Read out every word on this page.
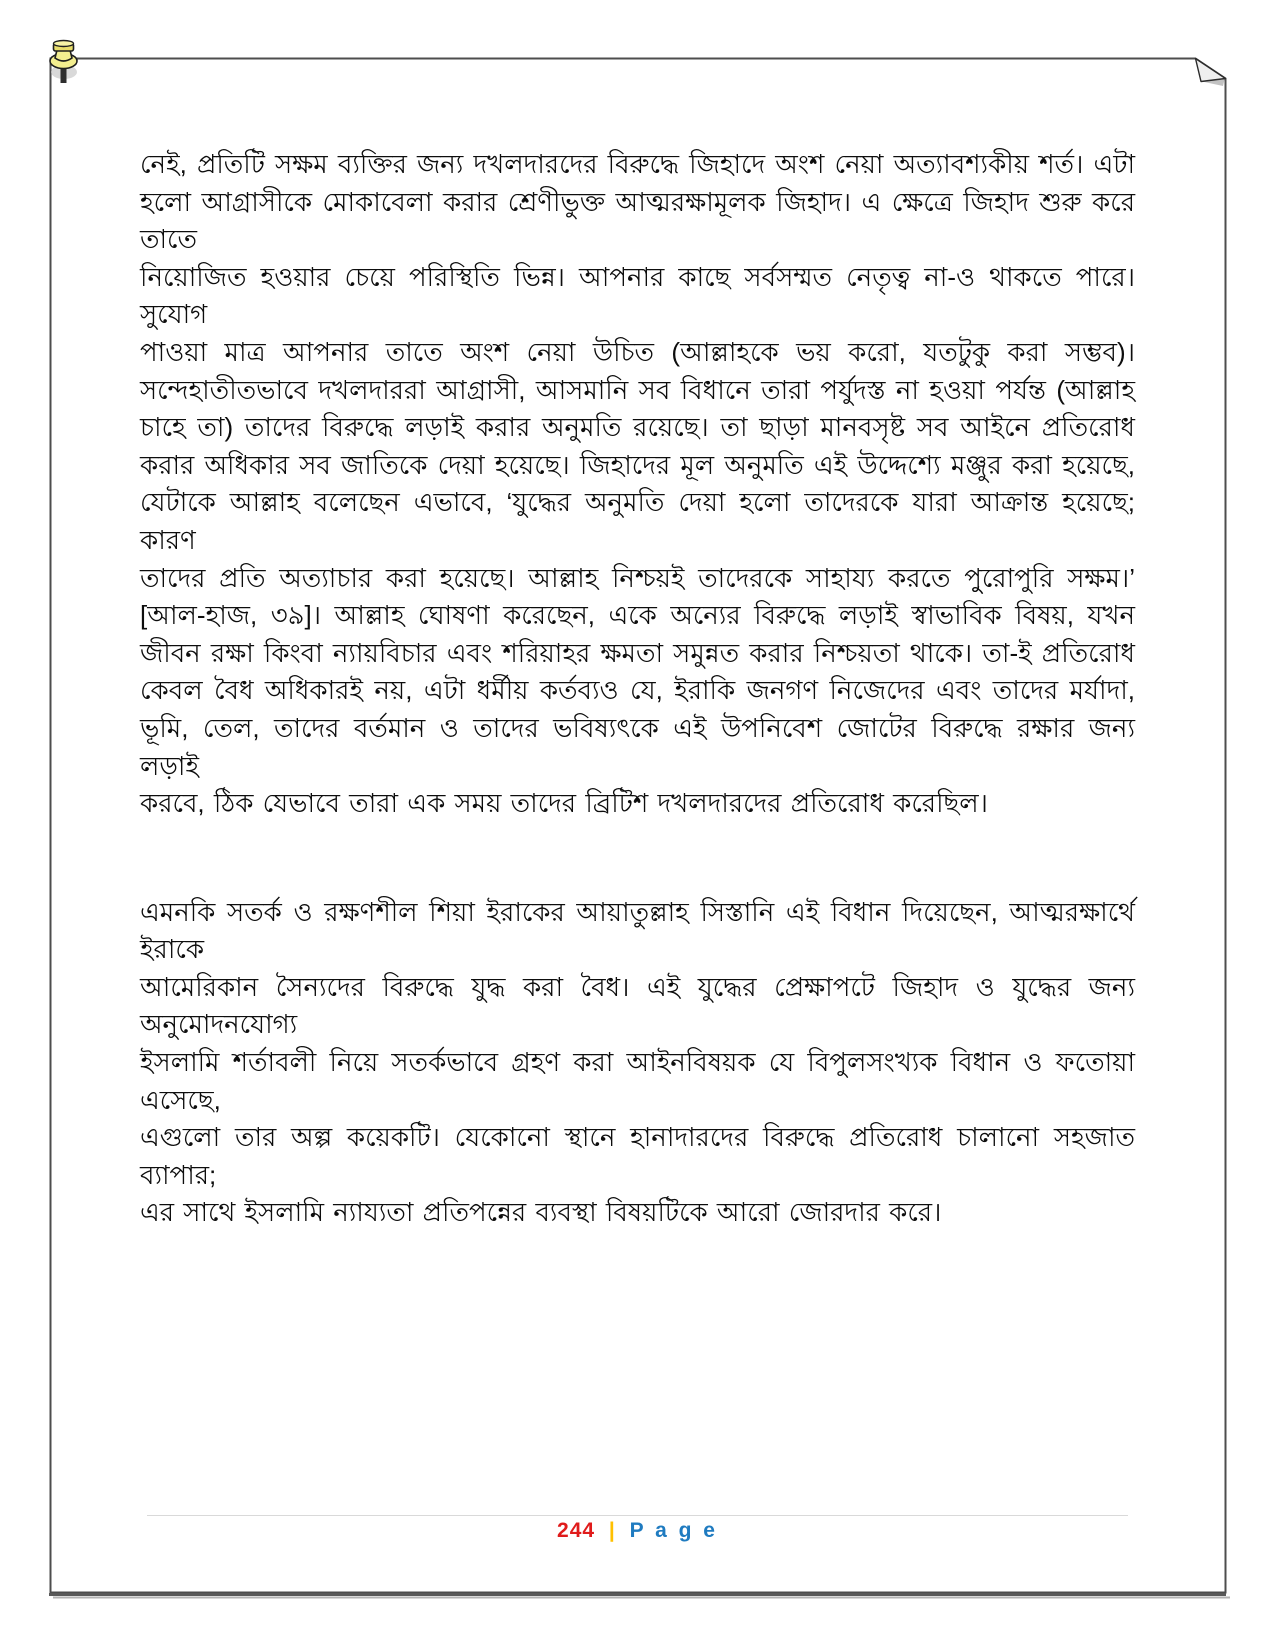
নেই, প্রতিটি সক্ষম ব্যক্তির জন্য দখলদারদের বিরুদ্ধে জিহাদে অংশ নেয়া অত্যাবশ্যকীয় শর্ত। এটা
হলো আগ্রাসীকে মোকাবেলা করার শ্রেণীভুক্ত আত্মরক্ষামূলক জিহাদ। এ ক্ষেত্রে জিহাদ শুরু করে তাতে
নিয়োজিত হওয়ার চেয়ে পরিস্থিতি ভিন্ন। আপনার কাছে সর্বসম্মত নেতৃত্ব না-ও থাকতে পারে। সুযোগ
পাওয়া মাত্র আপনার তাতে অংশ নেয়া উচিত (আল্লাহকে ভয় করো, যতটুকু করা সম্ভব)।
সন্দেহাতীতভাবে দখলদাররা আগ্রাসী, আসমানি সব বিধানে তারা পর্যুদস্ত না হওয়া পর্যন্ত (আল্লাহ
চাহে তা) তাদের বিরুদ্ধে লড়াই করার অনুমতি রয়েছে। তা ছাড়া মানবসৃষ্ট সব আইনে প্রতিরোধ
করার অধিকার সব জাতিকে দেয়া হয়েছে। জিহাদের মূল অনুমতি এই উদ্দেশ্যে মঞ্জুর করা হয়েছে,
যেটাকে আল্লাহ বলেছেন এভাবে, ‘যুদ্ধের অনুমতি দেয়া হলো তাদেরকে যারা আক্রান্ত হয়েছে; কারণ
তাদের প্রতি অত্যাচার করা হয়েছে। আল্লাহ নিশ্চয়ই তাদেরকে সাহায্য করতে পুুরোপুরি সক্ষম।’
[আল-হাজ, ৩৯]। আল্লাহ ঘোষণা করেছেন, একে অন্যের বিরুদ্ধে লড়াই স্বাভাবিক বিষয়, যখন
জীবন রক্ষা কিংবা ন্যায়বিচার এবং শরিয়াহর ক্ষমতা সমুন্নত করার নিশ্চয়তা থাকে। তা-ই প্রতিরোধ
কেবল বৈধ অধিকারই নয়, এটা ধর্মীয় কর্তব্যও যে, ইরাকি জনগণ নিজেদের এবং তাদের মর্যাদা,
ভূমি, তেল, তাদের বর্তমান ও তাদের ভবিষ্যৎকে এই উপনিবেশ জোটের বিরুদ্ধে রক্ষার জন্য লড়াই
করবে, ঠিক যেভাবে তারা এক সময় তাদের ব্রিটিশ দখলদারদের প্রতিরোধ করেছিল।
এমনকি সতর্ক ও রক্ষণশীল শিয়া ইরাকের আয়াতুল্লাহ সিস্তানি এই বিধান দিয়েছেন, আত্মরক্ষার্থে ইরাকে
আমেরিকান সৈন্যদের বিরুদ্ধে যুদ্ধ করা বৈধ। এই যুদ্ধের প্রেক্ষাপটে জিহাদ ও যুদ্ধের জন্য অনুমোদনযোগ্য
ইসলামি শর্তাবলী নিয়ে সতর্কভাবে গ্রহণ করা আইনবিষয়ক যে বিপুলসংখ্যক বিধান ও ফতোয়া এসেছে,
এগুলো তার অল্প কয়েকটি। যেকোনো স্থানে হানাদারদের বিরুদ্ধে প্রতিরোধ চালানো সহজাত ব্যাপার;
এর সাথে ইসলামি ন্যায্যতা প্রতিপন্নের ব্যবস্থা বিষয়টিকে আরো জোরদার করে।
244 | P a g e
